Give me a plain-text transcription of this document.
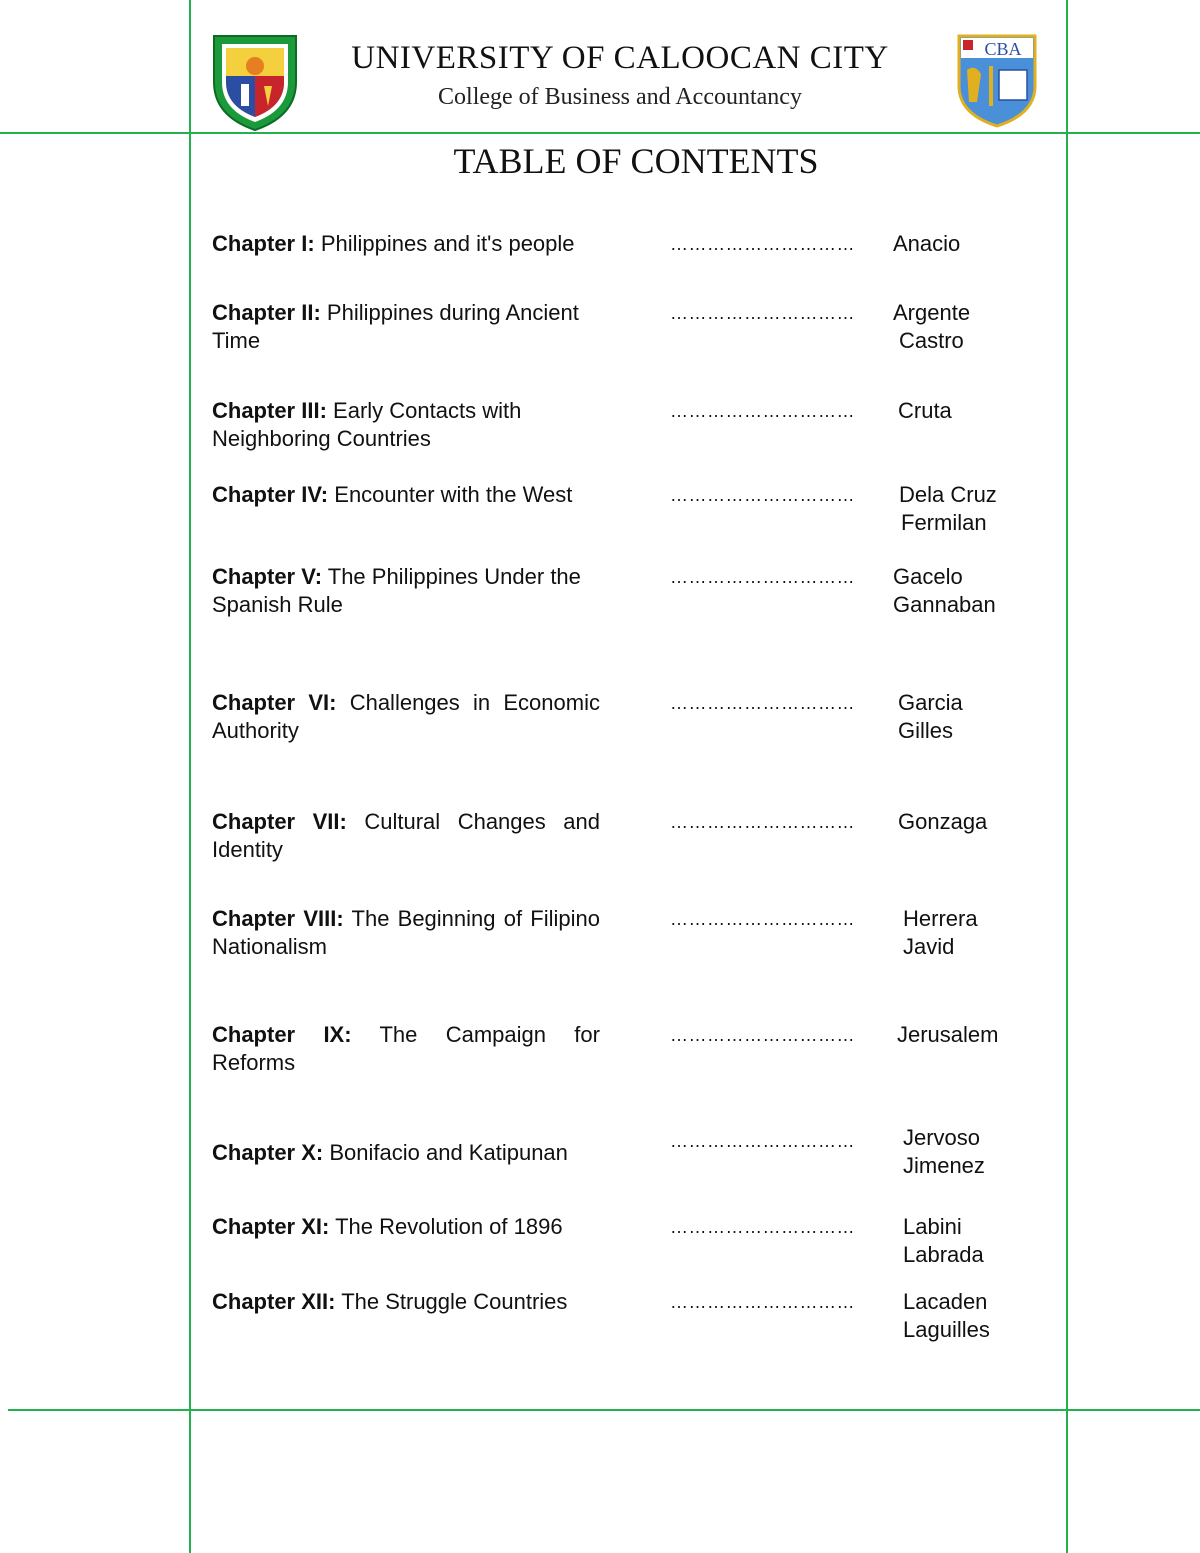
UNIVERSITY OF CALOOCAN CITY
College of Business and Accountancy
CBA
TABLE OF CONTENTS
Chapter I: Philippines and it's people	…………………………	Anacio
Chapter II: Philippines during Ancient Time
…………………………	Argente
Castro
Chapter III: Early Contacts with Neighboring Countries
…………………………	Cruta
Chapter IV: Encounter with the West	…………………………	Dela Cruz
Fermilan
Chapter V: The Philippines Under the Spanish Rule
…………………………	Gacelo
Gannaban
Chapter VI: Challenges in Economic Authority
…………………………	Garcia
Gilles
Chapter VII: Cultural Changes and Identity
…………………………	Gonzaga
Chapter VIII: The Beginning of Filipino Nationalism
…………………………	Herrera
Javid
Chapter IX: The Campaign for Reforms
…………………………	Jerusalem
Chapter X: Bonifacio and Katipunan	…………………………	Jervoso
Jimenez
Chapter XI: The Revolution of 1896	…………………………	Labini
Labrada
Chapter XII: The Struggle Countries	…………………………	Lacaden
Laguilles
